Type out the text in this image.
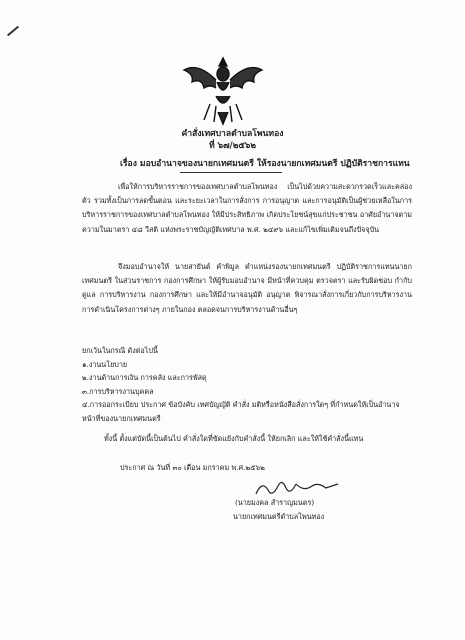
คำสั่งเทศบาลตำบลโพนทอง
ที่ ๖๗/๒๕๖๒
เรื่อง มอบอำนาจของนายกเทศมนตรี ให้รองนายกเทศมนตรี ปฏิบัติราชการแทน
เพื่อให้การบริหารราชการของเทศบาลตำบลโพนทอง เป็นไปด้วยความสะดวกรวดเร็วและคล่องตัว รวมทั้งเป็นการลดขั้นตอน และระยะเวลาในการสั่งการ การอนุญาต และการอนุมัติเป็นผู้ช่วยเหลือในการบริหารราชการของเทศบาลตำบลโพนทอง ให้มีประสิทธิภาพ เกิดประโยชน์สุขแก่ประชาชน อาศัยอำนาจตามความในมาตรา ๔๘ วีสติ แห่งพระราชบัญญัติเทศบาล พ.ศ. ๒๔๙๖ และแก้ไขเพิ่มเติมจนถึงปัจจุบัน
จึงมอบอำนาจให้ นายสายันต์ คำพิมูล ตำแหน่งรองนายกเทศมนตรี ปฏิบัติราชการแทนนายกเทศมนตรี ในส่วนราชการ กองการศึกษา ให้ผู้รับมอบอำนาจ มีหน้าที่ควบคุม ตรวจตรา และรับผิดชอบ กำกับ ดูแล การบริหารงาน กองการศึกษา และให้มีอำนาจอนุมัติ อนุญาต พิจารณาสั่งการเกี่ยวกับการบริหารงาน การดำเนินโครงการต่างๆ ภายในกอง ตลอดจนการบริหารงานด้านอื่นๆ
ยกเว้นในกรณี ดังต่อไปนี้
๑.งานนโยบาย
๒.งานด้านการเงิน การคลัง และการพัสดุ
๓.การบริหารงานบุคคล
๔.การออกระเบียบ ประกาศ ข้อบังคับ เทศบัญญัติ คำสั่ง มติหรือหนังสือสั่งการใดๆ ที่กำหนดให้เป็นอำนาจหน้าที่ของนายกเทศมนตรี
ทั้งนี้ ตั้งแต่บัดนี้เป็นต้นไป คำสั่งใดที่ขัดแย้งกับคำสั่งนี้ ให้ยกเลิก และให้ใช้คำสั่งนี้แทน
ประกาศ ณ วันที่ ๓๐ เดือน มกราคม พ.ศ.๒๕๖๒
(นายมงคล สำราญมนตร)
นายกเทศมนตรีตำบลโพนทอง
